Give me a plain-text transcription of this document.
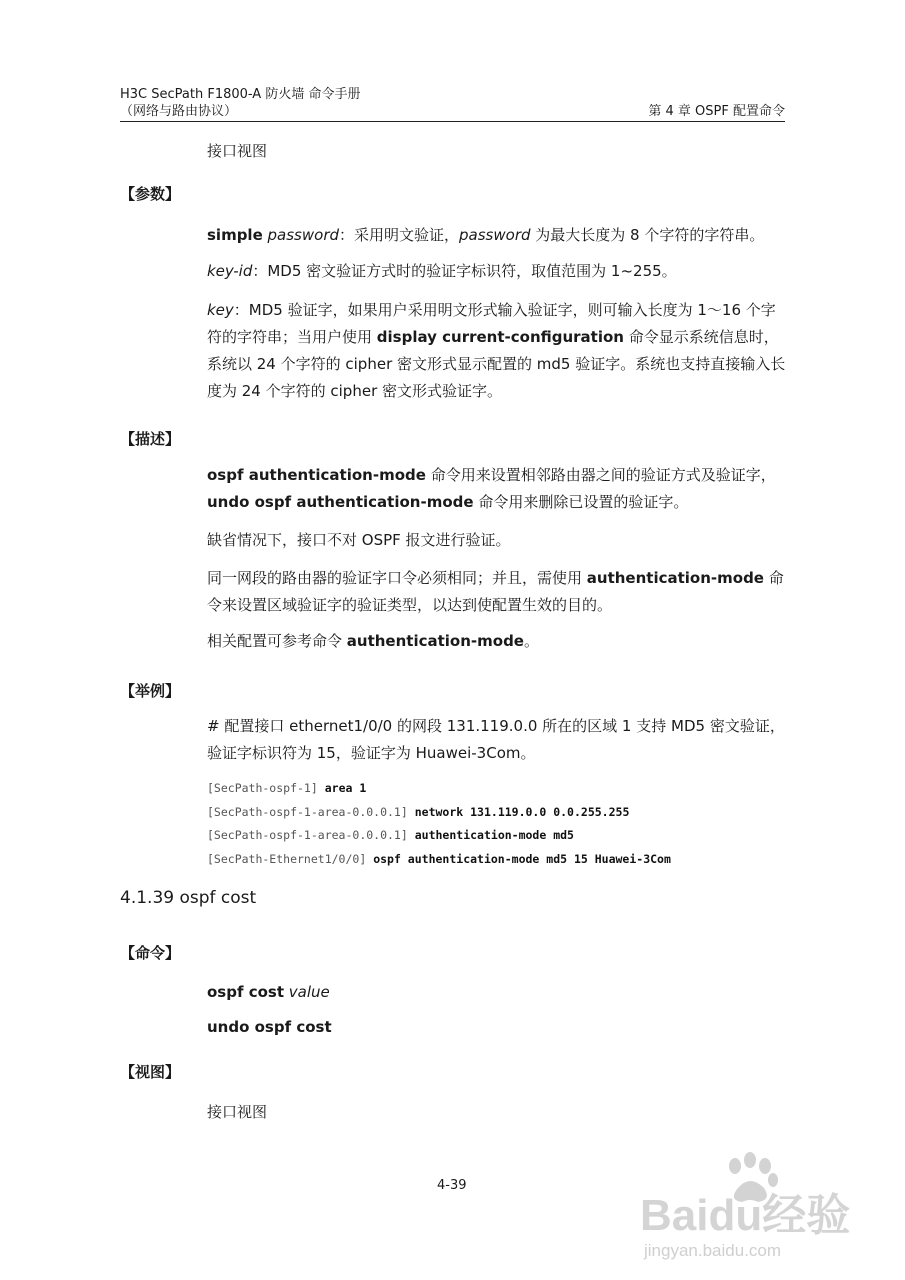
H3C SecPath F1800-A 防火墙 命令手册
（网络与路由协议）	第 4 章 OSPF 配置命令
接口视图
【参数】
simple password：采用明文验证，password 为最大长度为 8 个字符的字符串。
key-id：MD5 密文验证方式时的验证字标识符，取值范围为 1~255。
key：MD5 验证字，如果用户采用明文形式输入验证字，则可输入长度为 1～16 个字符的字符串；当用户使用 display current-configuration 命令显示系统信息时，系统以 24 个字符的 cipher 密文形式显示配置的 md5 验证字。系统也支持直接输入长度为 24 个字符的 cipher 密文形式验证字。
【描述】
ospf authentication-mode 命令用来设置相邻路由器之间的验证方式及验证字，undo ospf authentication-mode 命令用来删除已设置的验证字。
缺省情况下，接口不对 OSPF 报文进行验证。
同一网段的路由器的验证字口令必须相同；并且，需使用 authentication-mode 命令来设置区域验证字的验证类型，以达到使配置生效的目的。
相关配置可参考命令 authentication-mode。
【举例】
# 配置接口 ethernet1/0/0 的网段 131.119.0.0 所在的区域 1 支持 MD5 密文验证，验证字标识符为 15，验证字为 Huawei-3Com。
[SecPath-ospf-1] area 1
[SecPath-ospf-1-area-0.0.0.1] network 131.119.0.0 0.0.255.255
[SecPath-ospf-1-area-0.0.0.1] authentication-mode md5
[SecPath-Ethernet1/0/0] ospf authentication-mode md5 15 Huawei-3Com
4.1.39 ospf cost
【命令】
ospf cost value
undo ospf cost
【视图】
接口视图
4-39
Baidu经验
jingyan.baidu.com
